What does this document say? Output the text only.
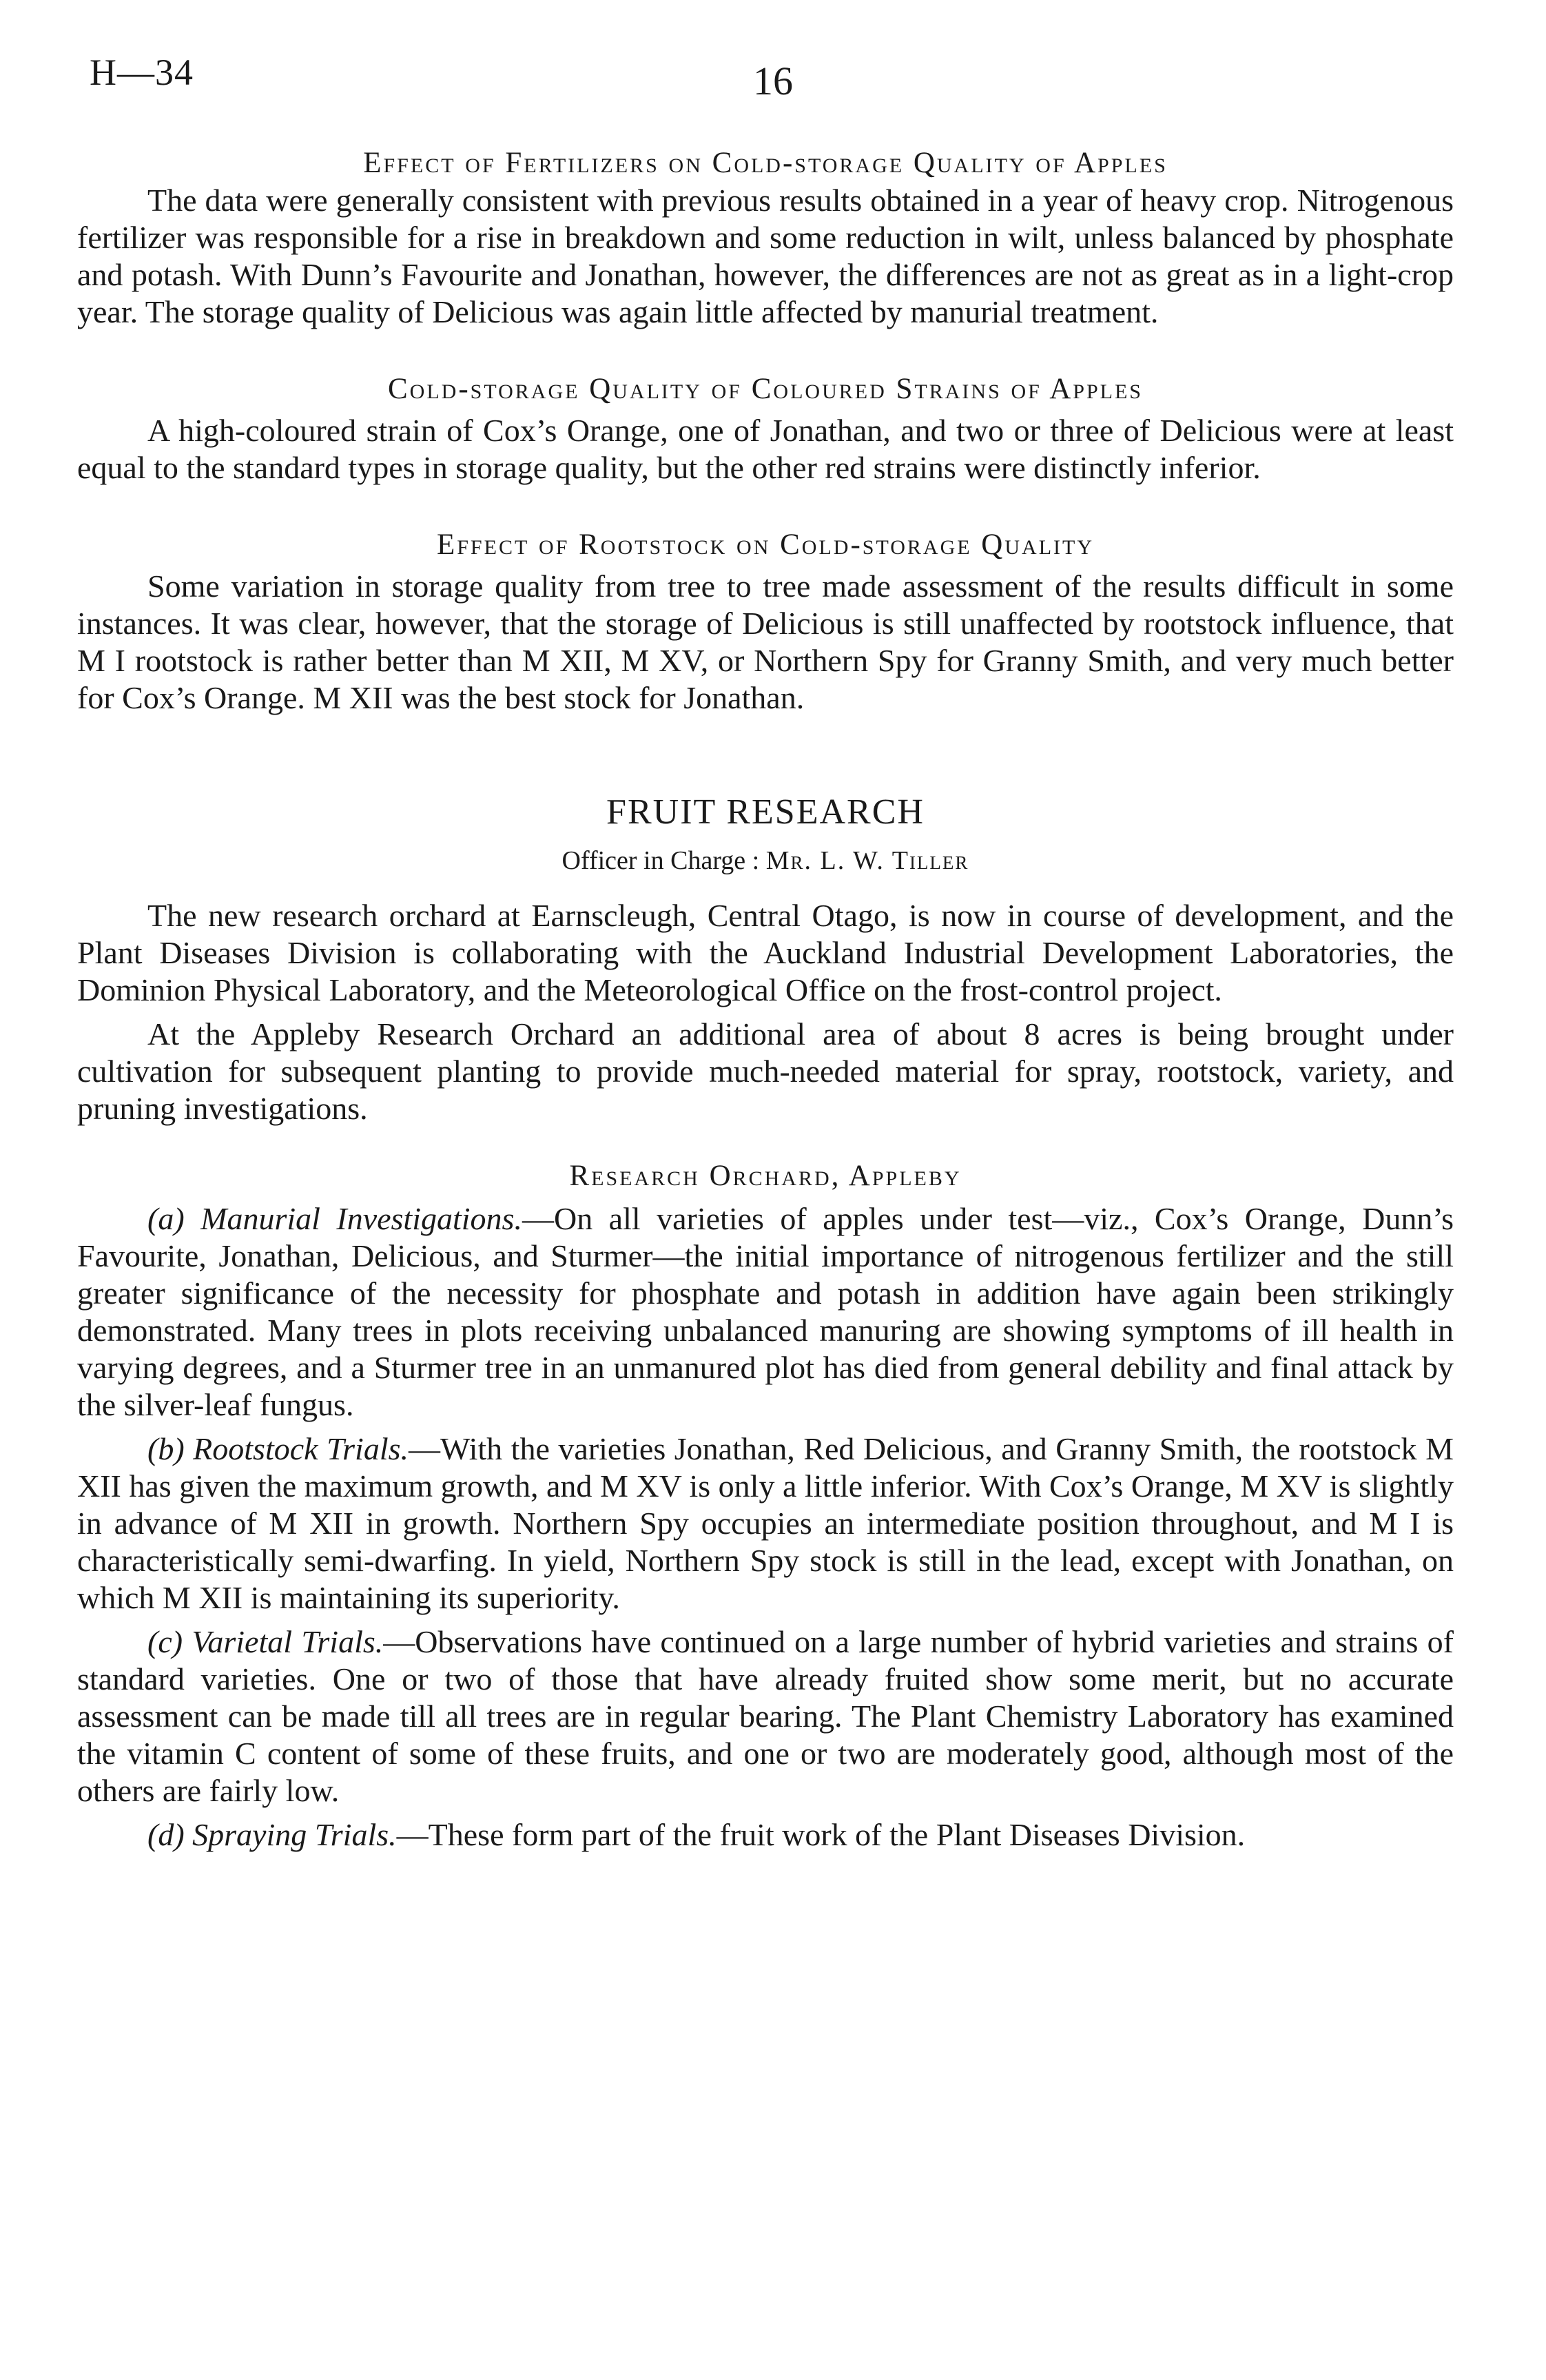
H—34	16
Effect of Fertilizers on Cold-storage Quality of Apples

The data were generally consistent with previous results obtained in a year of heavy crop. Nitrogenous fertilizer was responsible for a rise in breakdown and some reduction in wilt, unless balanced by phosphate and potash. With Dunn’s Favourite and Jonathan, however, the differences are not as great as in a light-crop year. The storage quality of Delicious was again little affected by manurial treatment.

Cold-storage Quality of Coloured Strains of Apples

A high-coloured strain of Cox’s Orange, one of Jonathan, and two or three of Delicious were at least equal to the standard types in storage quality, but the other red strains were distinctly inferior.

Effect of Rootstock on Cold-storage Quality

Some variation in storage quality from tree to tree made assessment of the results difficult in some instances. It was clear, however, that the storage of Delicious is still unaffected by rootstock influence, that M I rootstock is rather better than M XII, M XV, or Northern Spy for Granny Smith, and very much better for Cox’s Orange. M XII was the best stock for Jonathan.

FRUIT RESEARCH
Officer in Charge : Mr. L. W. Tiller

The new research orchard at Earnscleugh, Central Otago, is now in course of development, and the Plant Diseases Division is collaborating with the Auckland Industrial Development Laboratories, the Dominion Physical Laboratory, and the Meteorological Office on the frost-control project.

At the Appleby Research Orchard an additional area of about 8 acres is being brought under cultivation for subsequent planting to provide much-needed material for spray, rootstock, variety, and pruning investigations.

Research Orchard, Appleby

(a) Manurial Investigations.—On all varieties of apples under test—viz., Cox’s Orange, Dunn’s Favourite, Jonathan, Delicious, and Sturmer—the initial importance of nitrogenous fertilizer and the still greater significance of the necessity for phosphate and potash in addition have again been strikingly demonstrated. Many trees in plots receiving unbalanced manuring are showing symptoms of ill health in varying degrees, and a Sturmer tree in an unmanured plot has died from general debility and final attack by the silver-leaf fungus.

(b) Rootstock Trials.—With the varieties Jonathan, Red Delicious, and Granny Smith, the rootstock M XII has given the maximum growth, and M XV is only a little inferior. With Cox’s Orange, M XV is slightly in advance of M XII in growth. Northern Spy occupies an intermediate position throughout, and M I is characteristically semi-dwarfing. In yield, Northern Spy stock is still in the lead, except with Jonathan, on which M XII is maintaining its superiority.

(c) Varietal Trials.—Observations have continued on a large number of hybrid varieties and strains of standard varieties. One or two of those that have already fruited show some merit, but no accurate assessment can be made till all trees are in regular bearing. The Plant Chemistry Laboratory has examined the vitamin C content of some of these fruits, and one or two are moderately good, although most of the others are fairly low.

(d) Spraying Trials.—These form part of the fruit work of the Plant Diseases Division.
